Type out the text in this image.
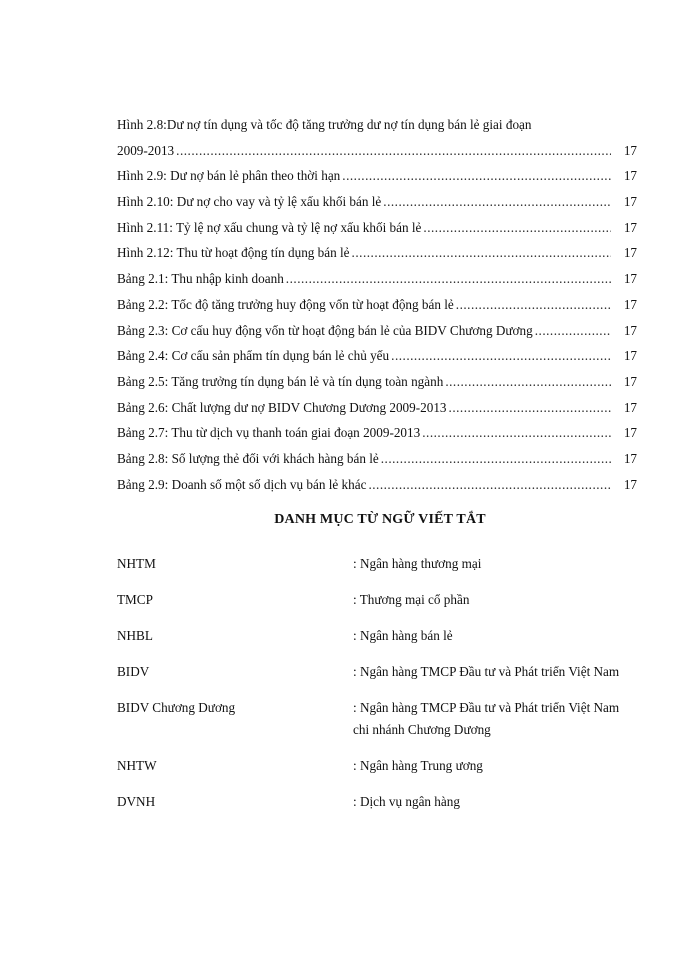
Hình 2.8:Dư nợ tín dụng và tốc độ tăng trưởng dư nợ tín dụng bán lẻ giai đoạn
2009-2013 .....	17
Hình 2.9: Dư nợ bán lẻ phân theo thời hạn .....	17
Hình 2.10: Dư nợ cho vay và tỷ lệ xấu khối bán lẻ .....	17
Hình 2.11: Tỷ lệ nợ xấu chung và tỷ lệ nợ xấu khối bán lẻ .....	17
Hình 2.12: Thu từ hoạt động tín dụng bán lẻ .....	17
Bảng 2.1: Thu nhập kinh doanh .....	17
Bảng 2.2: Tốc độ tăng trưởng huy động vốn từ hoạt động bán lẻ .....	17
Bảng 2.3: Cơ cấu huy động vốn từ hoạt động bán lẻ của BIDV Chương Dương .....	17
Bảng 2.4: Cơ cấu sản phẩm tín dụng bán lẻ chủ yếu .....	17
Bảng 2.5: Tăng trưởng tín dụng bán lẻ và tín dụng toàn ngành .....	17
Bảng 2.6: Chất lượng dư nợ BIDV Chương Dương 2009-2013 .....	17
Bảng 2.7: Thu từ dịch vụ thanh toán giai đoạn 2009-2013 .....	17
Bảng 2.8: Số lượng thẻ đối với khách hàng bán lẻ .....	17
Bảng 2.9: Doanh số một số dịch vụ bán lẻ khác .....	17
DANH MỤC TỪ NGỮ VIẾT TẮT
NHTM	: Ngân hàng thương mại
TMCP	: Thương mại cổ phần
NHBL	: Ngân hàng bán lẻ
BIDV	: Ngân hàng TMCP Đầu tư và Phát triển Việt Nam
BIDV Chương Dương	: Ngân hàng TMCP Đầu tư và Phát triển Việt Nam chi nhánh Chương Dương
NHTW	: Ngân hàng Trung ương
DVNH	: Dịch vụ ngân hàng
